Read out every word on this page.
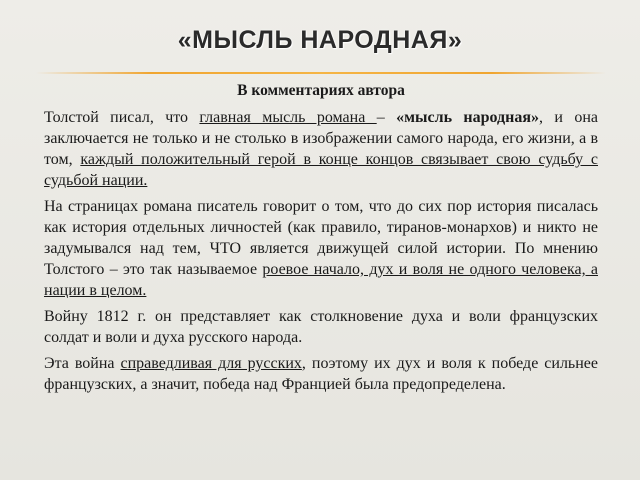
«МЫСЛЬ НАРОДНАЯ»

В комментариях автора

Толстой писал, что главная мысль романа – «мысль народная», и она заключается не только и не столько в изображении самого народа, его жизни, а в том, каждый положительный герой в конце концов связывает свою судьбу с судьбой нации.

На страницах романа писатель говорит о том, что до сих пор история писалась как история отдельных личностей (как правило, тиранов-монархов) и никто не задумывался над тем, ЧТО является движущей силой истории. По мнению Толстого – это так называемое роевое начало, дух и воля не одного человека, а нации в целом.

Войну 1812 г. он представляет как столкновение духа и воли французских солдат и воли и духа русского народа.

Эта война справедливая для русских, поэтому их дух и воля к победе сильнее французских, а значит, победа над Францией была предопределена.
